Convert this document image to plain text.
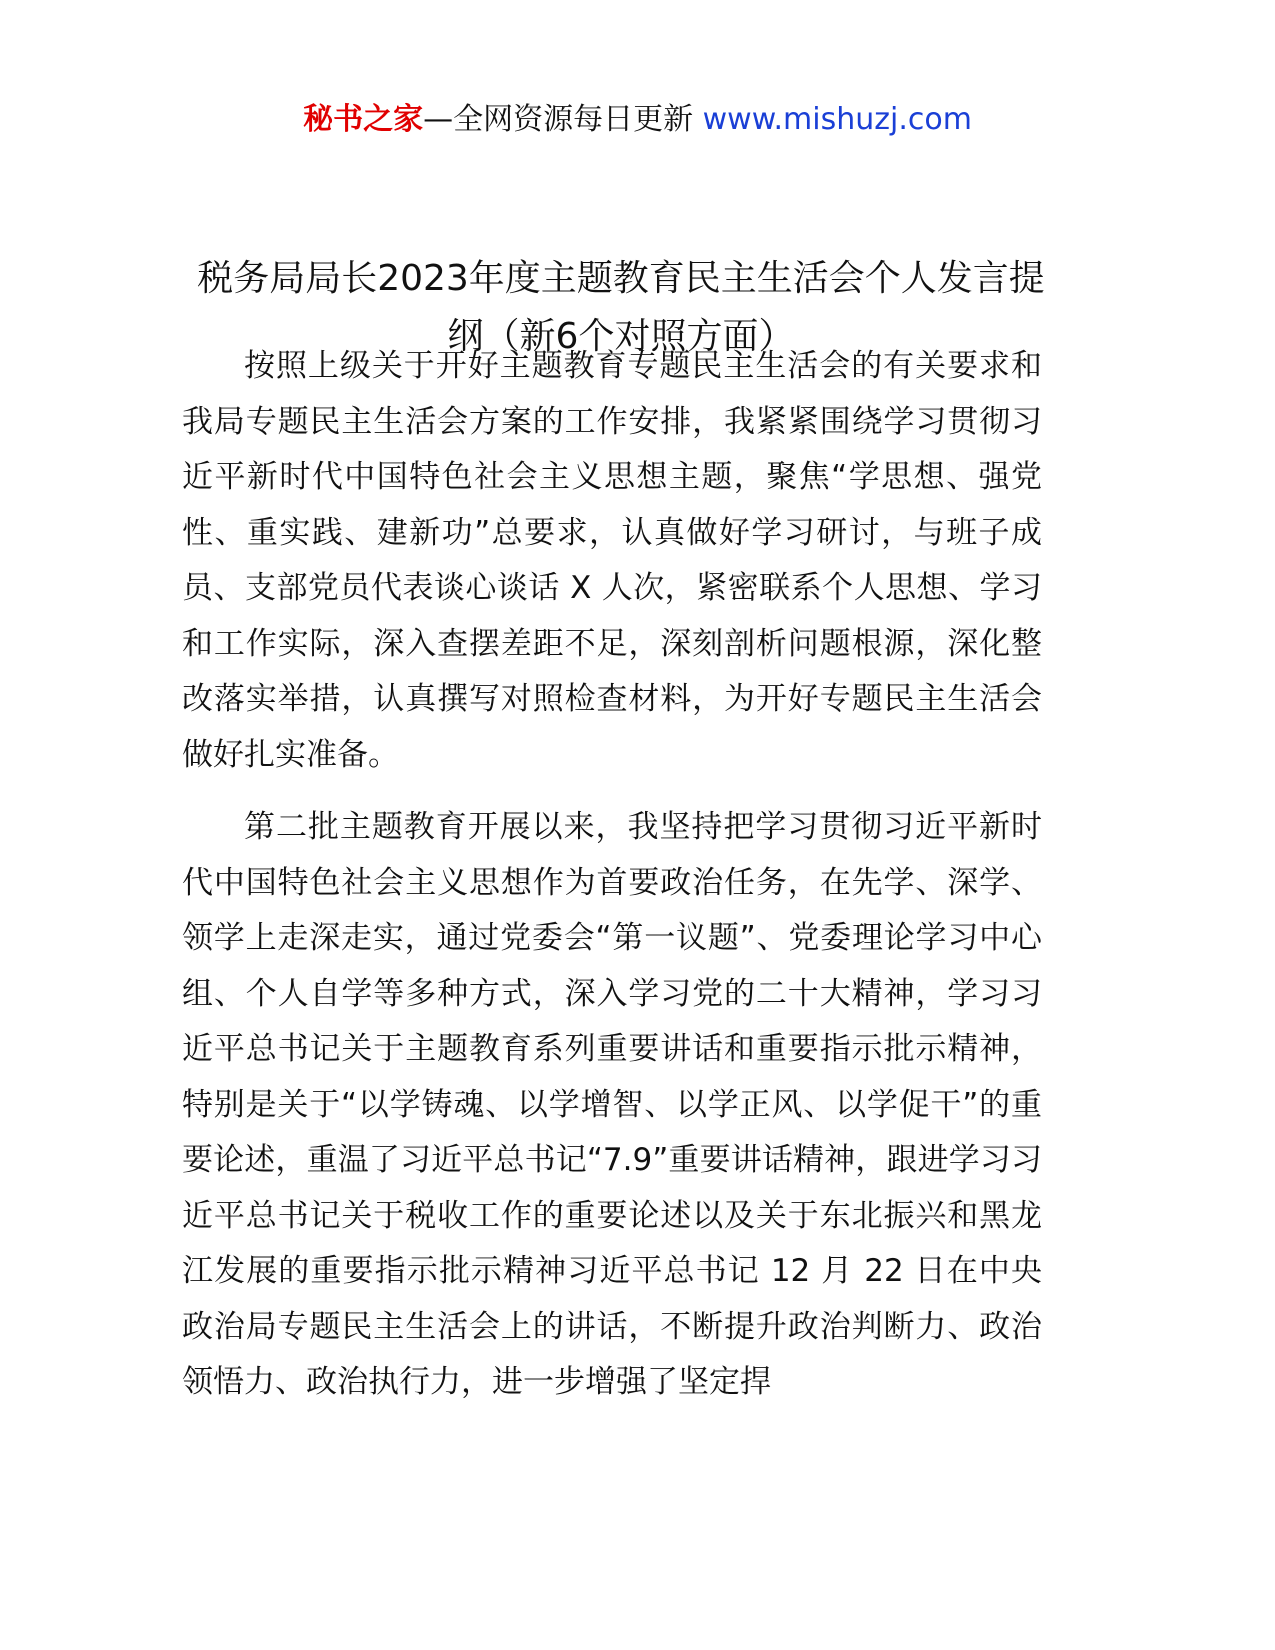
秘书之家—全网资源每日更新 www.mishuzj.com
税务局局长2023年度主题教育民主生活会个人发言提纲（新6个对照方面）

按照上级关于开好主题教育专题民主生活会的有关要求和我局专题民主生活会方案的工作安排，我紧紧围绕学习贯彻习近平新时代中国特色社会主义思想主题，聚焦“学思想、强党性、重实践、建新功”总要求，认真做好学习研讨，与班子成员、支部党员代表谈心谈话 X 人次，紧密联系个人思想、学习和工作实际，深入查摆差距不足，深刻剖析问题根源，深化整改落实举措，认真撰写对照检查材料，为开好专题民主生活会做好扎实准备。

第二批主题教育开展以来，我坚持把学习贯彻习近平新时代中国特色社会主义思想作为首要政治任务，在先学、深学、领学上走深走实，通过党委会“第一议题”、党委理论学习中心组、个人自学等多种方式，深入学习党的二十大精神，学习习近平总书记关于主题教育系列重要讲话和重要指示批示精神，特别是关于“以学铸魂、以学增智、以学正风、以学促干”的重要论述，重温了习近平总书记“7.9”重要讲话精神，跟进学习习近平总书记关于税收工作的重要论述以及关于东北振兴和黑龙江发展的重要指示批示精神习近平总书记 12 月 22 日在中央政治局专题民主生活会上的讲话，不断提升政治判断力、政治领悟力、政治执行力，进一步增强了坚定捍
